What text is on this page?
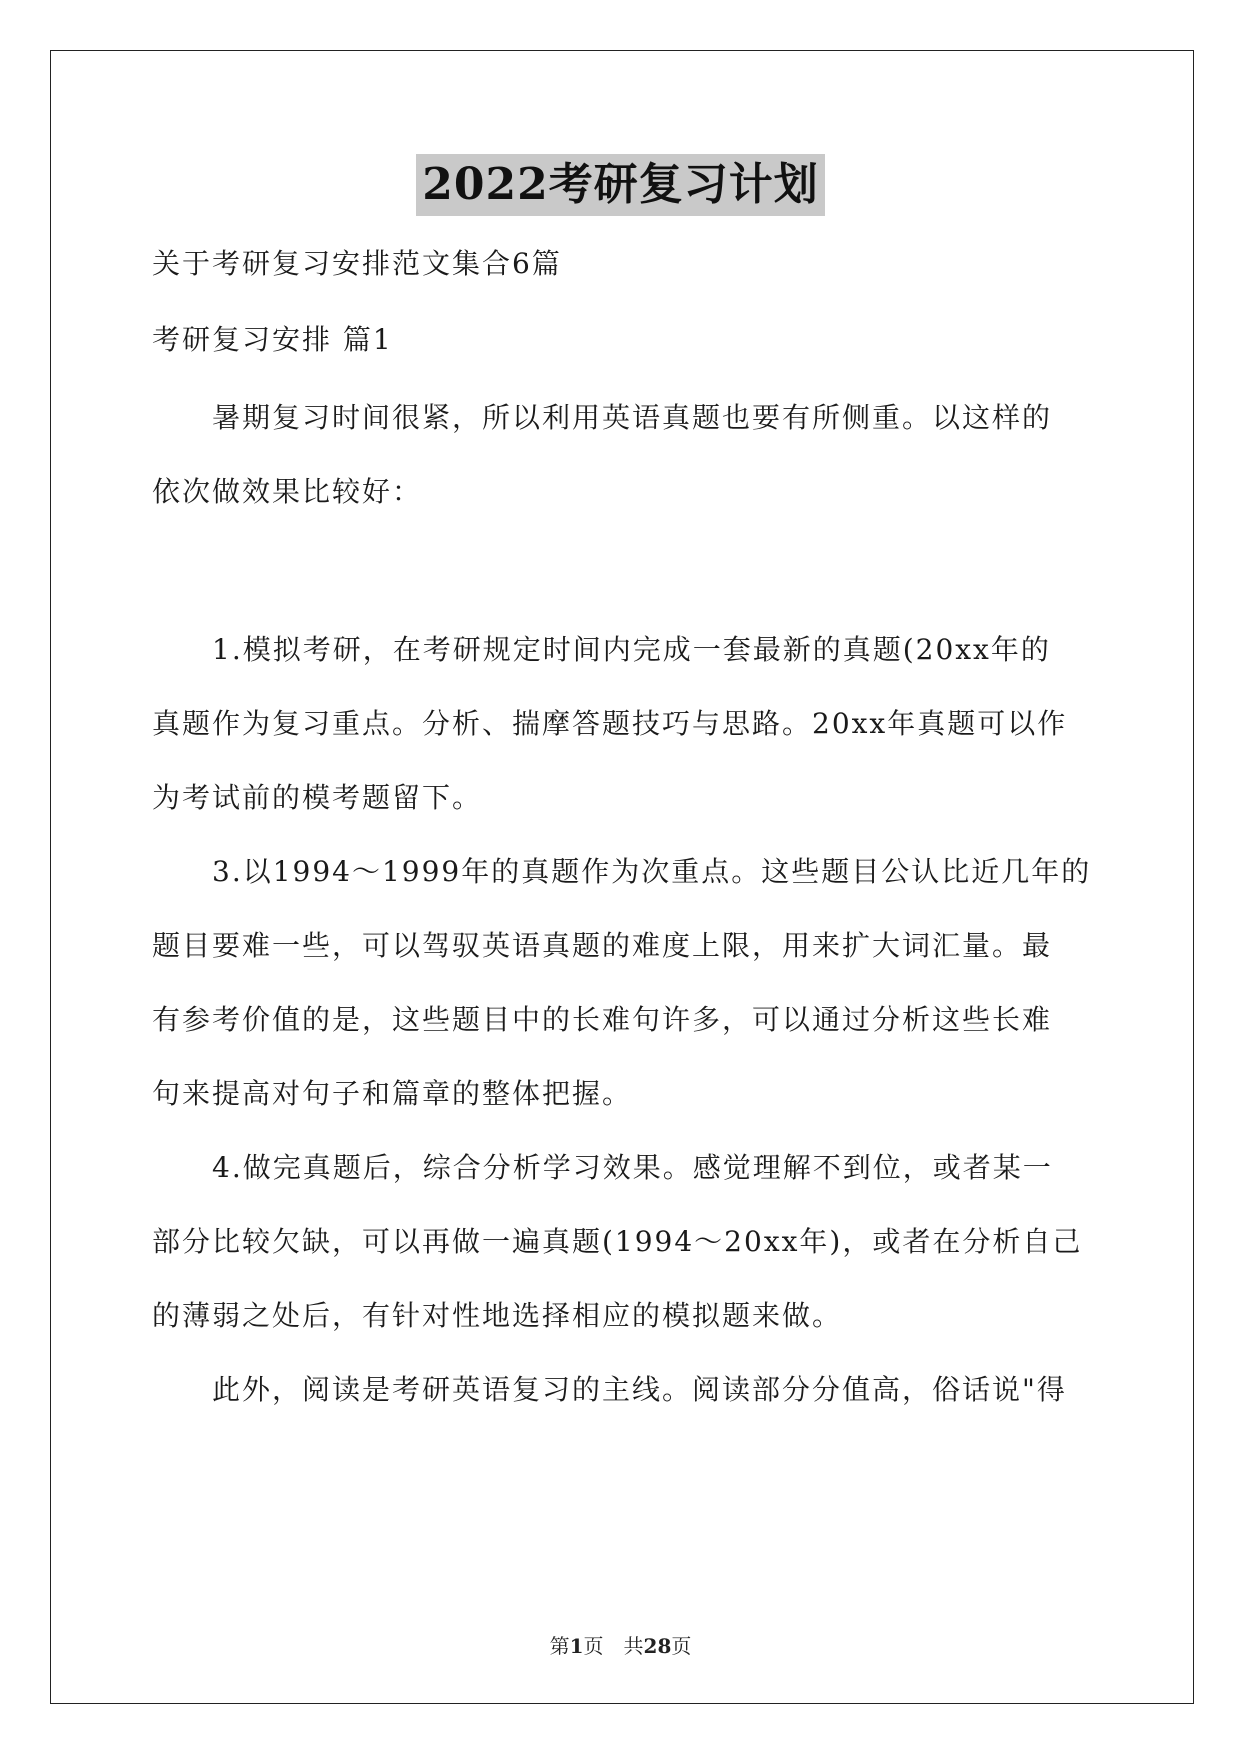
2022考研复习计划
关于考研复习安排范文集合6篇
考研复习安排 篇1
暑期复习时间很紧，所以利用英语真题也要有所侧重。以这样的
依次做效果比较好：
1.模拟考研，在考研规定时间内完成一套最新的真题(20xx年的
真题作为复习重点。分析、揣摩答题技巧与思路。20xx年真题可以作
为考试前的模考题留下。
3.以1994～1999年的真题作为次重点。这些题目公认比近几年的
题目要难一些，可以驾驭英语真题的难度上限，用来扩大词汇量。最
有参考价值的是，这些题目中的长难句许多，可以通过分析这些长难
句来提高对句子和篇章的整体把握。
4.做完真题后，综合分析学习效果。感觉理解不到位，或者某一
部分比较欠缺，可以再做一遍真题(1994～20xx年)，或者在分析自己
的薄弱之处后，有针对性地选择相应的模拟题来做。
此外，阅读是考研英语复习的主线。阅读部分分值高，俗话说"得
第1页　共28页
